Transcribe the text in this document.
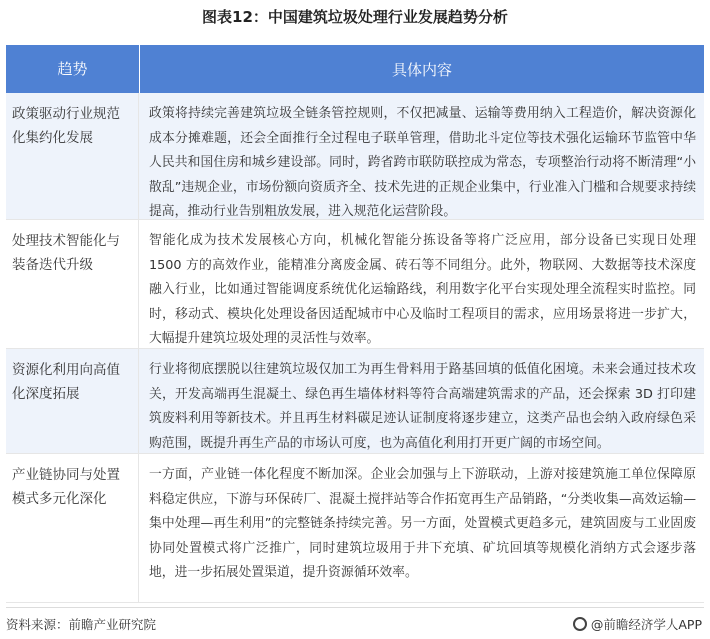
图表12：中国建筑垃圾处理行业发展趋势分析
趋势	具体内容
政策驱动行业规范化集约化发展
政策将持续完善建筑垃圾全链条管控规则，不仅把减量、运输等费用纳入工程造价，解决资源化成本分摊难题，还会全面推行全过程电子联单管理，借助北斗定位等技术强化运输环节监管中华人民共和国住房和城乡建设部。同时，跨省跨市联防联控成为常态，专项整治行动将不断清理“小散乱”违规企业，市场份额向资质齐全、技术先进的正规企业集中，行业准入门槛和合规要求持续提高，推动行业告别粗放发展，进入规范化运营阶段。
处理技术智能化与装备迭代升级
智能化成为技术发展核心方向，机械化智能分拣设备等将广泛应用，部分设备已实现日处理 1500 方的高效作业，能精准分离废金属、砖石等不同组分。此外，物联网、大数据等技术深度融入行业，比如通过智能调度系统优化运输路线，利用数字化平台实现处理全流程实时监控。同时，移动式、模块化处理设备因适配城市中心及临时工程项目的需求，应用场景将进一步扩大，大幅提升建筑垃圾处理的灵活性与效率。
资源化利用向高值化深度拓展
行业将彻底摆脱以往建筑垃圾仅加工为再生骨料用于路基回填的低值化困境。未来会通过技术攻关，开发高端再生混凝土、绿色再生墙体材料等符合高端建筑需求的产品，还会探索 3D 打印建筑废料利用等新技术。并且再生材料碳足迹认证制度将逐步建立，这类产品也会纳入政府绿色采购范围，既提升再生产品的市场认可度，也为高值化利用打开更广阔的市场空间。
产业链协同与处置模式多元化深化
一方面，产业链一体化程度不断加深。企业会加强与上下游联动，上游对接建筑施工单位保障原料稳定供应，下游与环保砖厂、混凝土搅拌站等合作拓宽再生产品销路，“分类收集—高效运输—集中处理—再生利用”的完整链条持续完善。另一方面，处置模式更趋多元，建筑固废与工业固废协同处置模式将广泛推广，同时建筑垃圾用于井下充填、矿坑回填等规模化消纳方式会逐步落地，进一步拓展处置渠道，提升资源循环效率。
资料来源：前瞻产业研究院	@前瞻经济学人APP
